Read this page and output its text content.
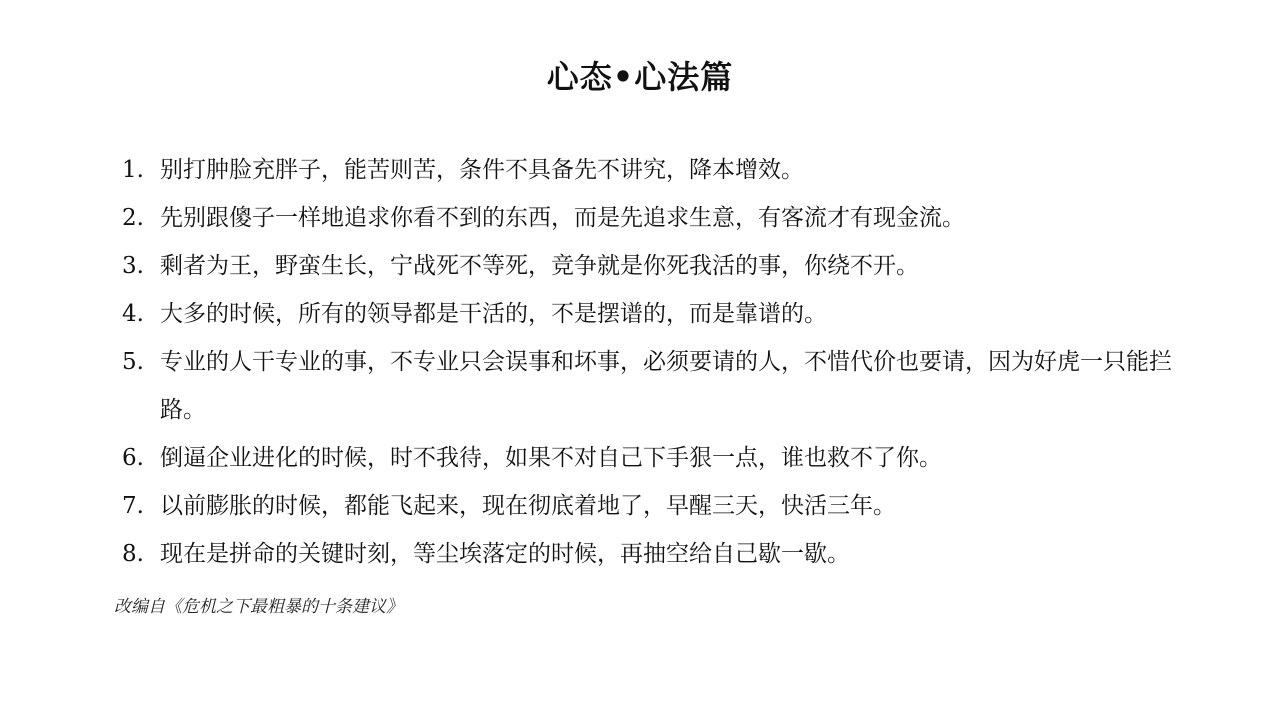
心态•心法篇
1. 别打肿脸充胖子，能苦则苦，条件不具备先不讲究，降本增效。
2. 先别跟傻子一样地追求你看不到的东西，而是先追求生意，有客流才有现金流。
3. 剩者为王，野蛮生长，宁战死不等死，竞争就是你死我活的事，你绕不开。
4. 大多的时候，所有的领导都是干活的，不是摆谱的，而是靠谱的。
5. 专业的人干专业的事，不专业只会误事和坏事，必须要请的人，不惜代价也要请，因为好虎一只能拦路。
6. 倒逼企业进化的时候，时不我待，如果不对自己下手狠一点，谁也救不了你。
7. 以前膨胀的时候，都能飞起来，现在彻底着地了，早醒三天，快活三年。
8. 现在是拼命的关键时刻，等尘埃落定的时候，再抽空给自己歇一歇。
改编自《危机之下最粗暴的十条建议》
